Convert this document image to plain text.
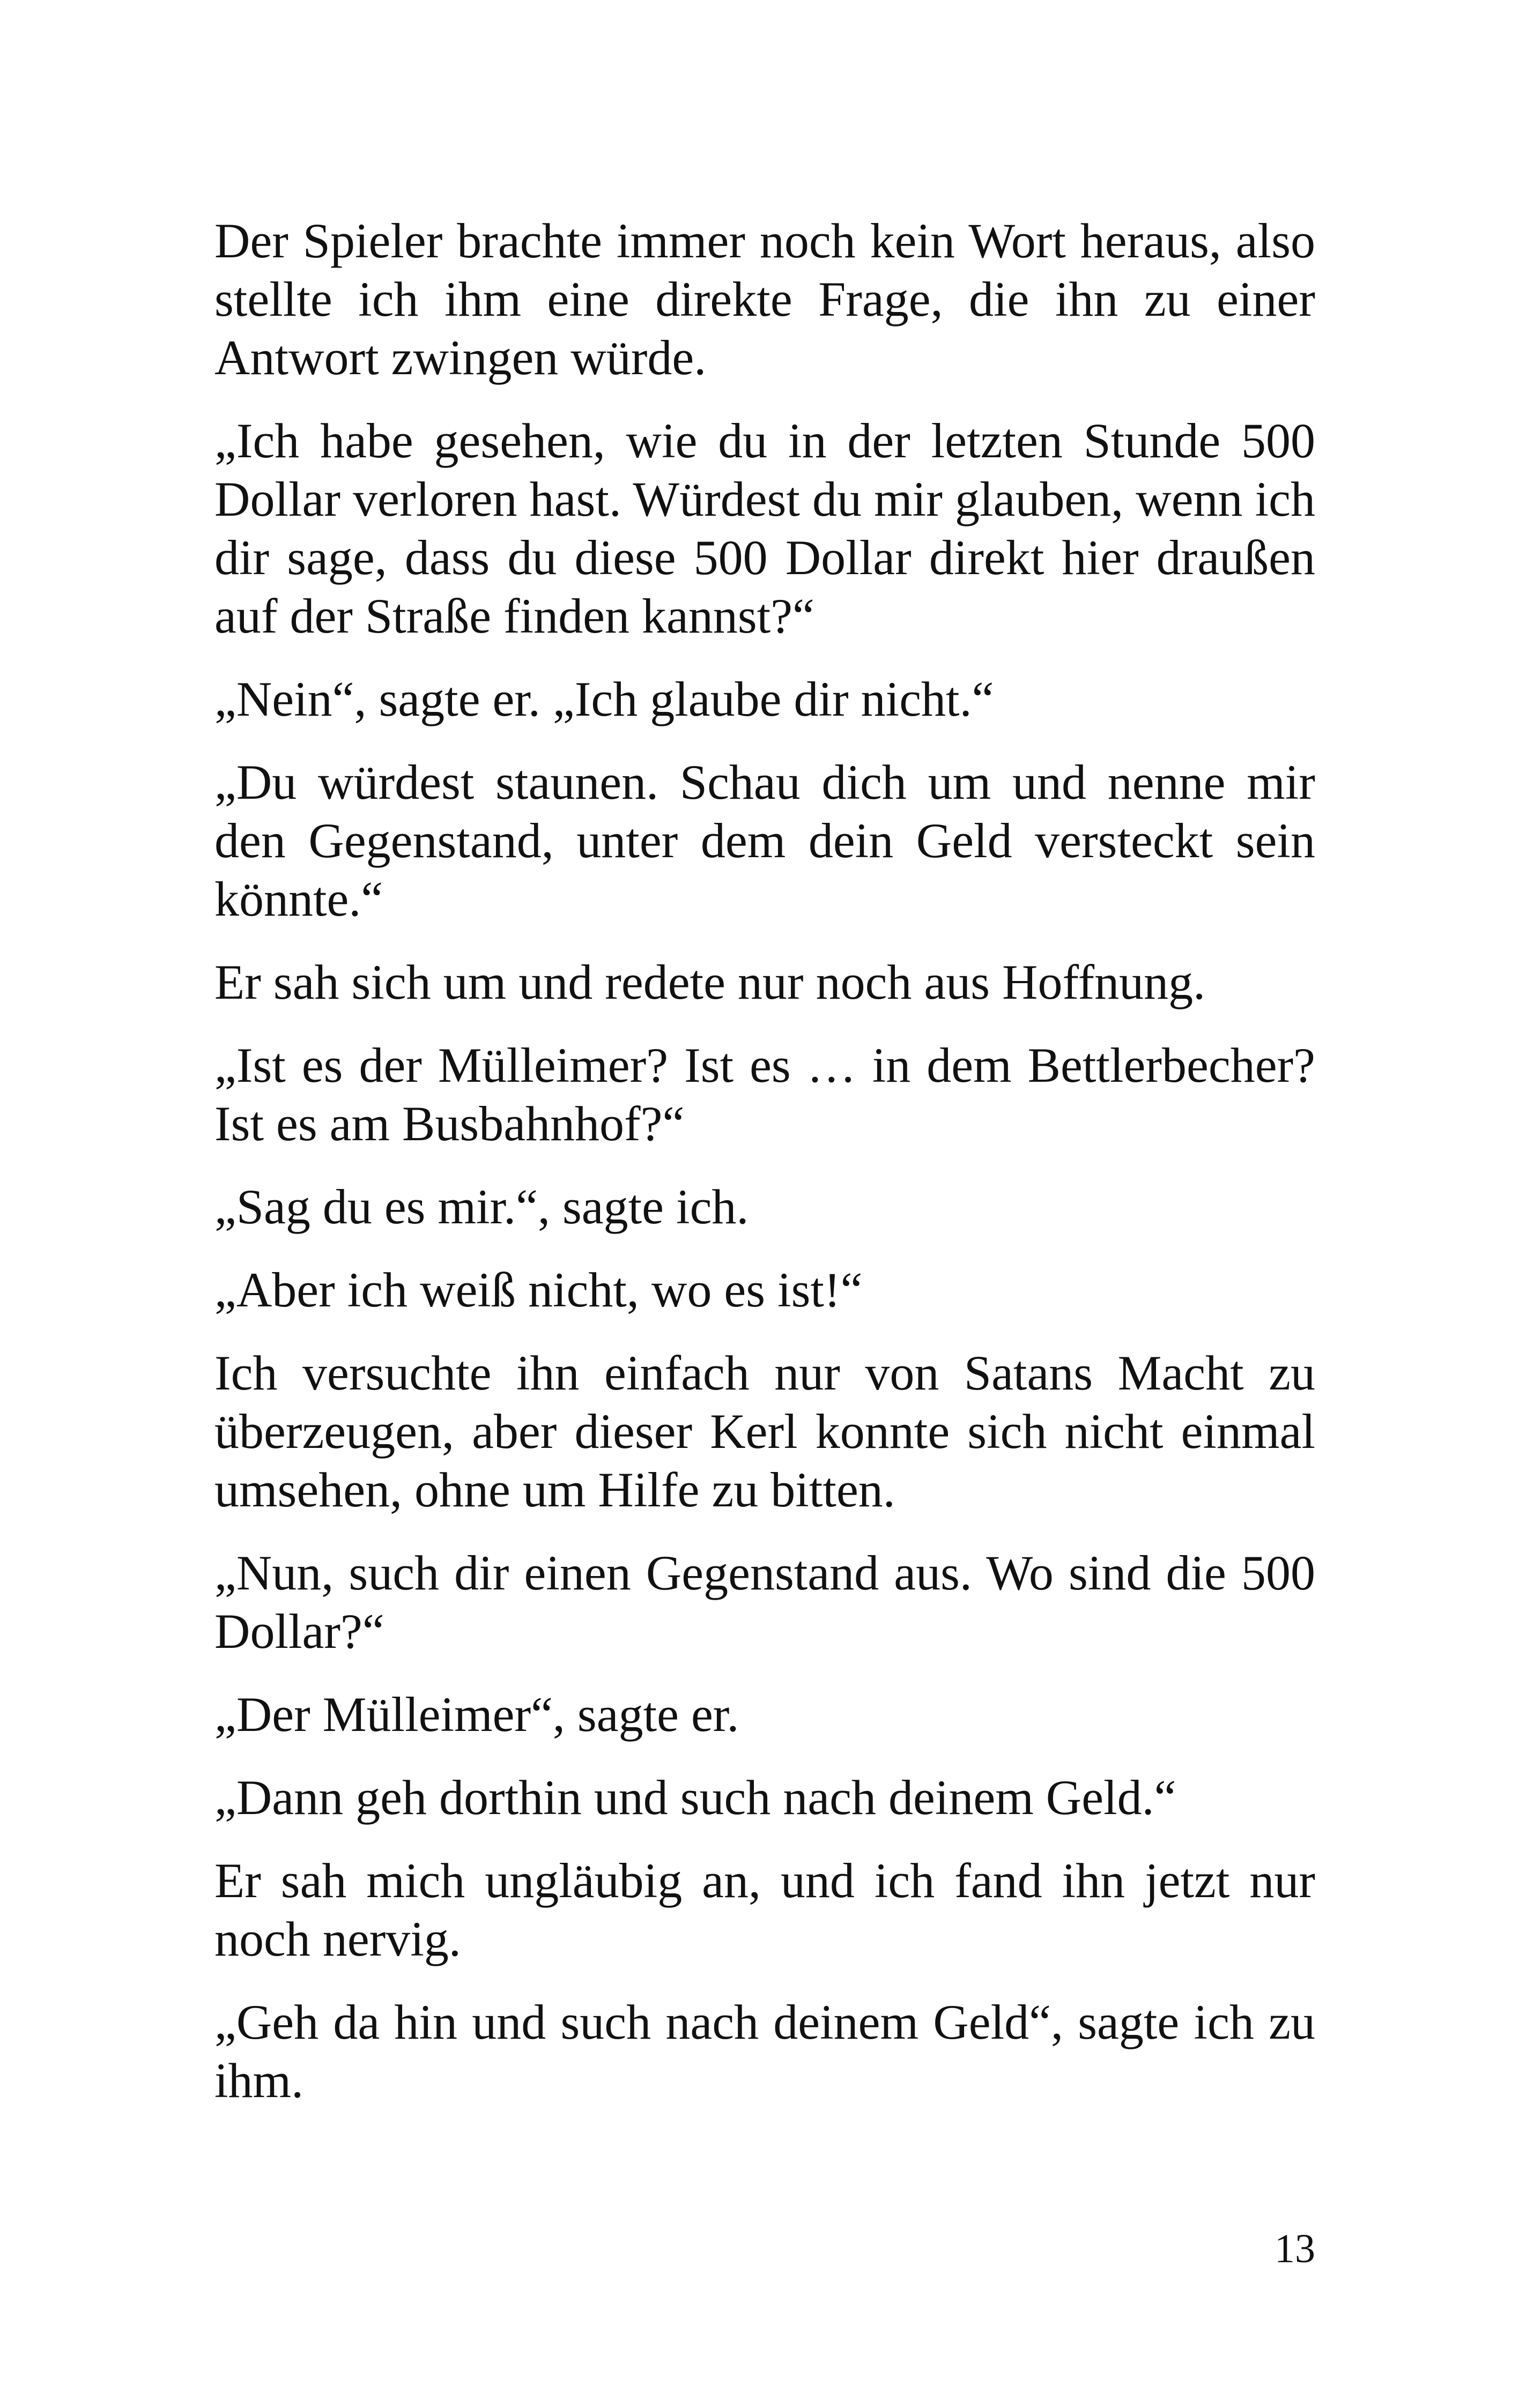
Der Spieler brachte immer noch kein Wort heraus, also stellte ich ihm eine direkte Frage, die ihn zu einer Antwort zwingen würde.

„Ich habe gesehen, wie du in der letzten Stunde 500 Dollar verloren hast. Würdest du mir glauben, wenn ich dir sage, dass du diese 500 Dollar direkt hier draußen auf der Straße finden kannst?“

„Nein“, sagte er. „Ich glaube dir nicht.“

„Du würdest staunen. Schau dich um und nenne mir den Gegenstand, unter dem dein Geld versteckt sein könnte.“

Er sah sich um und redete nur noch aus Hoffnung.

„Ist es der Mülleimer? Ist es … in dem Bettlerbecher? Ist es am Busbahnhof?“

„Sag du es mir.“, sagte ich.

„Aber ich weiß nicht, wo es ist!“

Ich versuchte ihn einfach nur von Satans Macht zu überzeugen, aber dieser Kerl konnte sich nicht einmal umsehen, ohne um Hilfe zu bitten.

„Nun, such dir einen Gegenstand aus. Wo sind die 500 Dollar?“

„Der Mülleimer“, sagte er.

„Dann geh dorthin und such nach deinem Geld.“

Er sah mich ungläubig an, und ich fand ihn jetzt nur noch nervig.

„Geh da hin und such nach deinem Geld“, sagte ich zu ihm.

13
